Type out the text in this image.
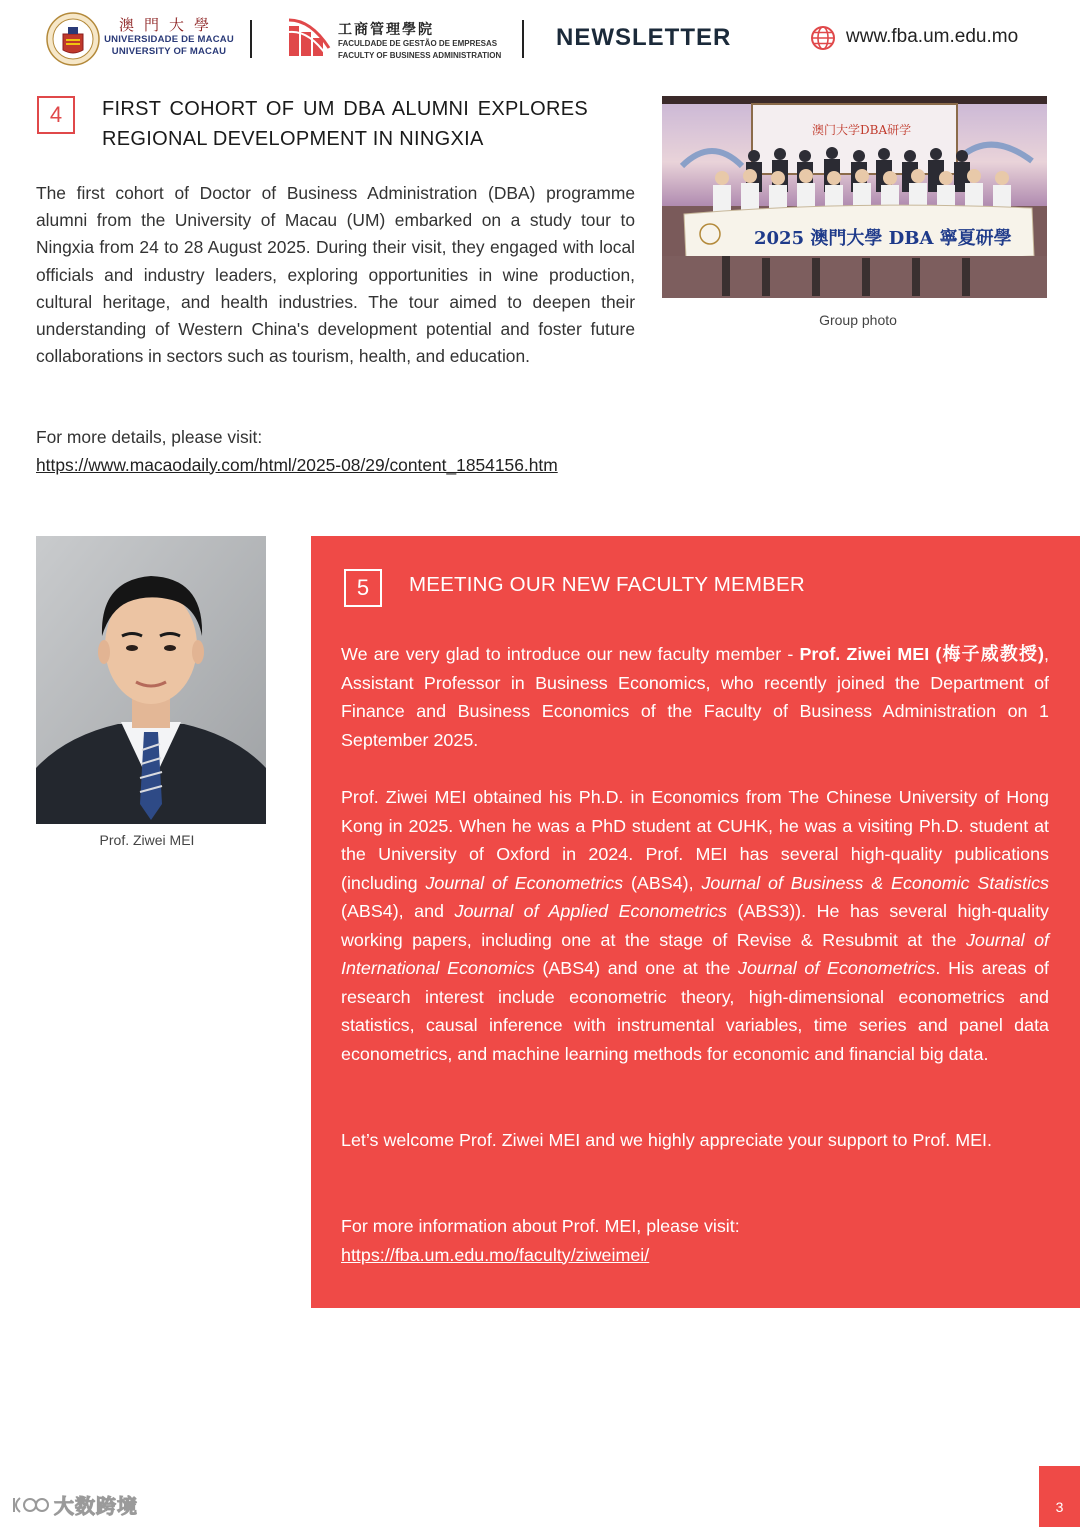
澳門大學
UNIVERSIDADE DE MACAU
UNIVERSITY OF MACAU
工商管理學院
FACULDADE DE GESTÃO DE EMPRESAS
FACULTY OF BUSINESS ADMINISTRATION
NEWSLETTER	www.fba.um.edu.mo
4	FIRST COHORT OF UM DBA ALUMNI EXPLORES REGIONAL DEVELOPMENT IN NINGXIA

The first cohort of Doctor of Business Administration (DBA) programme alumni from the University of Macau (UM) embarked on a study tour to Ningxia from 24 to 28 August 2025. During their visit, they engaged with local officials and industry leaders, exploring opportunities in wine production, cultural heritage, and health industries. The tour aimed to deepen their understanding of Western China's development potential and foster future collaborations in sectors such as tourism, health, and education.

For more details, please visit:
https://www.macaodaily.com/html/2025-08/29/content_1854156.htm
澳门大学DBA研学
2025 澳門大學 DBA 寧夏研學
Group photo
Prof. Ziwei MEI
5	MEETING OUR NEW FACULTY MEMBER

We are very glad to introduce our new faculty member - Prof. Ziwei MEI (梅子威教授), Assistant Professor in Business Economics, who recently joined the Department of Finance and Business Economics of the Faculty of Business Administration on 1 September 2025.

Prof. Ziwei MEI obtained his Ph.D. in Economics from The Chinese University of Hong Kong in 2025. When he was a PhD student at CUHK, he was a visiting Ph.D. student at the University of Oxford in 2024. Prof. MEI has several high-quality publications (including Journal of Econometrics (ABS4), Journal of Business & Economic Statistics (ABS4), and Journal of Applied Econometrics (ABS3)). He has several high-quality working papers, including one at the stage of Revise & Resubmit at the Journal of International Economics (ABS4) and one at the Journal of Econometrics. His areas of research interest include econometric theory, high-dimensional econometrics and statistics, causal inference with instrumental variables, time series and panel data econometrics, and machine learning methods for economic and financial big data.

Let’s welcome Prof. Ziwei MEI and we highly appreciate your support to Prof. MEI.

For more information about Prof. MEI, please visit:
https://fba.um.edu.mo/faculty/ziweimei/
大数跨境	3
